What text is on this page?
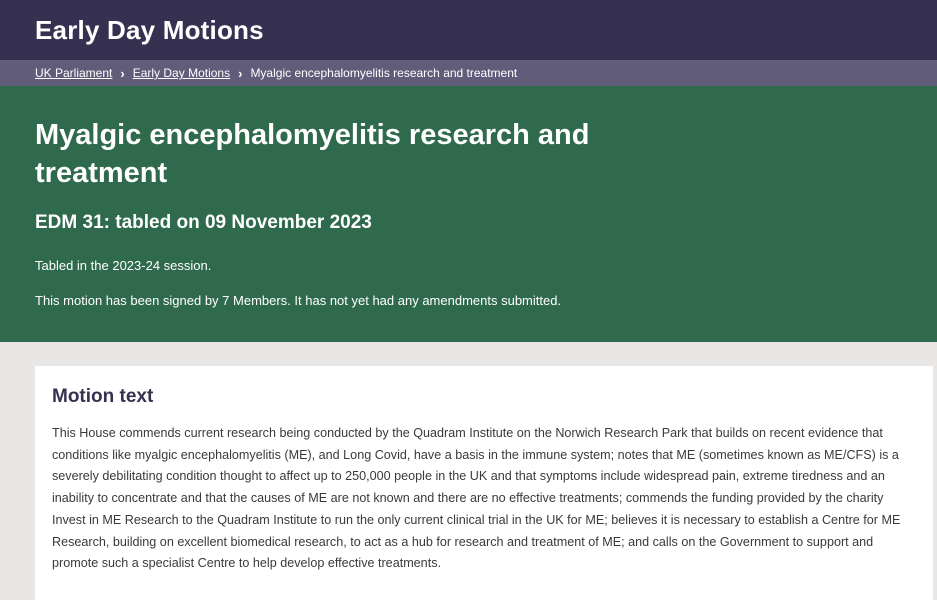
Early Day Motions
UK Parliament › Early Day Motions › Myalgic encephalomyelitis research and treatment
Myalgic encephalomyelitis research and treatment
EDM 31: tabled on 09 November 2023

Tabled in the 2023-24 session.

This motion has been signed by 7 Members. It has not yet had any amendments submitted.

Motion text

This House commends current research being conducted by the Quadram Institute on the Norwich Research Park that builds on recent evidence that conditions like myalgic encephalomyelitis (ME), and Long Covid, have a basis in the immune system; notes that ME (sometimes known as ME/CFS) is a severely debilitating condition thought to affect up to 250,000 people in the UK and that symptoms include widespread pain, extreme tiredness and an inability to concentrate and that the causes of ME are not known and there are no effective treatments; commends the funding provided by the charity Invest in ME Research to the Quadram Institute to run the only current clinical trial in the UK for ME; believes it is necessary to establish a Centre for ME Research, building on excellent biomedical research, to act as a hub for research and treatment of ME; and calls on the Government to support and promote such a specialist Centre to help develop effective treatments.
